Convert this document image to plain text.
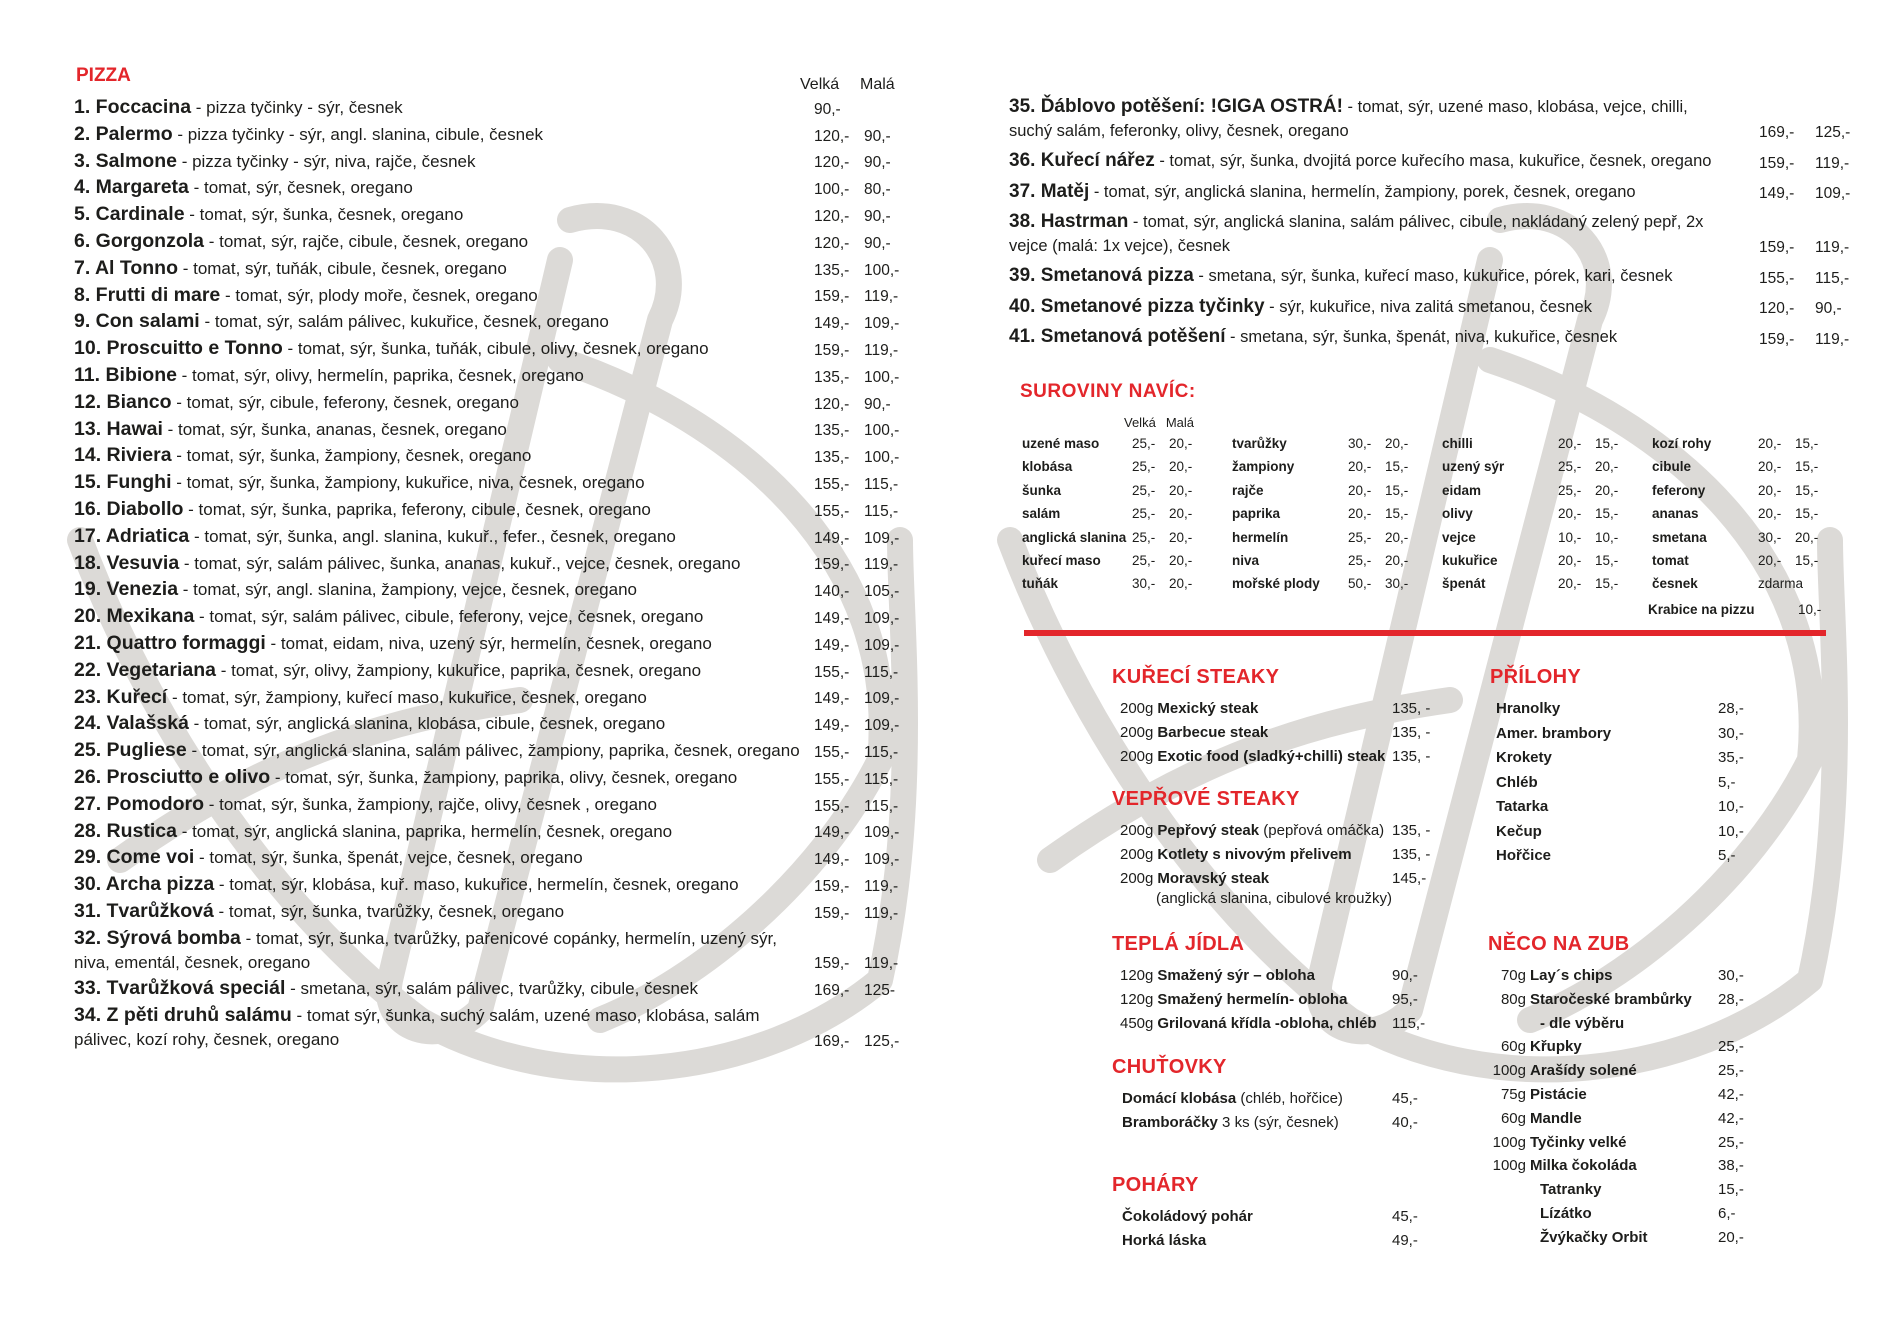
PIZZA	Velká Malá
1. Foccacina - pizza tyčinky - sýr, česnek	90,-
2. Palermo - pizza tyčinky - sýr, angl. slanina, cibule, česnek	120,- 90,-
3. Salmone - pizza tyčinky - sýr, niva, rajče, česnek	120,- 90,-
4. Margareta - tomat, sýr, česnek, oregano	100,- 80,-
5. Cardinale - tomat, sýr, šunka, česnek, oregano	120,- 90,-
6. Gorgonzola - tomat, sýr, rajče, cibule, česnek, oregano	120,- 90,-
7. Al Tonno - tomat, sýr, tuňák, cibule, česnek, oregano	135,- 100,-
8. Frutti di mare - tomat, sýr, plody moře, česnek, oregano	159,- 119,-
9. Con salami - tomat, sýr, salám pálivec, kukuřice, česnek, oregano	149,- 109,-
10. Proscuitto e Tonno - tomat, sýr, šunka, tuňák, cibule, olivy, česnek, oregano	159,- 119,-
11. Bibione - tomat, sýr, olivy, hermelín, paprika, česnek, oregano	135,- 100,-
12. Bianco - tomat, sýr, cibule, feferony, česnek, oregano	120,- 90,-
13. Hawai - tomat, sýr, šunka, ananas, česnek, oregano	135,- 100,-
14. Riviera - tomat, sýr, šunka, žampiony, česnek, oregano	135,- 100,-
15. Funghi - tomat, sýr, šunka, žampiony, kukuřice, niva, česnek, oregano	155,- 115,-
16. Diabollo - tomat, sýr, šunka, paprika, feferony, cibule, česnek, oregano	155,- 115,-
17. Adriatica - tomat, sýr, šunka, angl. slanina, kukuř., fefer., česnek, oregano	149,- 109,-
18. Vesuvia - tomat, sýr, salám pálivec, šunka, ananas, kukuř., vejce, česnek, oregano	159,- 119,-
19. Venezia - tomat, sýr, angl. slanina, žampiony, vejce, česnek, oregano	140,- 105,-
20. Mexikana - tomat, sýr, salám pálivec, cibule, feferony, vejce, česnek, oregano	149,- 109,-
21. Quattro formaggi - tomat, eidam, niva, uzený sýr, hermelín, česnek, oregano	149,- 109,-
22. Vegetariana - tomat, sýr, olivy, žampiony, kukuřice, paprika, česnek, oregano	155,- 115,-
23. Kuřecí - tomat, sýr, žampiony, kuřecí maso, kukuřice, česnek, oregano	149,- 109,-
24. Valašská - tomat, sýr, anglická slanina, klobása, cibule, česnek, oregano	149,- 109,-
25. Pugliese - tomat, sýr, anglická slanina, salám pálivec, žampiony, paprika, česnek, oregano 155,- 115,-
26. Prosciutto e olivo - tomat, sýr, šunka, žampiony, paprika, olivy, česnek, oregano	155,- 115,-
27. Pomodoro - tomat, sýr, šunka, žampiony, rajče, olivy, česnek , oregano	155,- 115,-
28. Rustica - tomat, sýr, anglická slanina, paprika, hermelín, česnek, oregano	149,- 109,-
29. Come voi - tomat, sýr, šunka, špenát, vejce, česnek, oregano	149,- 109,-
30. Archa pizza - tomat, sýr, klobása, kuř. maso, kukuřice, hermelín, česnek, oregano	159,- 119,-
31. Tvarůžková - tomat, sýr, šunka, tvarůžky, česnek, oregano	159,- 119,-
32. Sýrová bomba - tomat, sýr, šunka, tvarůžky, pařenicové copánky, hermelín, uzený sýr, niva, ementál, česnek, oregano	159,- 119,-
33. Tvarůžková speciál - smetana, sýr, salám pálivec, tvarůžky, cibule, česnek	169,- 125-
34. Z pěti druhů salámu - tomat sýr, šunka, suchý salám, uzené maso, klobása, salám pálivec, kozí rohy, česnek, oregano	169,- 125,-
35. Ďáblovo potěšení: !GIGA OSTRÁ! - tomat, sýr, uzené maso, klobása, vejce, chilli, suchý salám, feferonky, olivy, česnek, oregano	169,- 125,-
36. Kuřecí nářez - tomat, sýr, šunka, dvojitá porce kuřecího masa, kukuřice, česnek, oregano	159,- 119,-
37. Matěj - tomat, sýr, anglická slanina, hermelín, žampiony, porek, česnek, oregano	149,- 109,-
38. Hastrman - tomat, sýr, anglická slanina, salám pálivec, cibule, nakládaný zelený pepř, 2x vejce (malá: 1x vejce), česnek	159,- 119,-
39. Smetanová pizza - smetana, sýr, šunka, kuřecí maso, kukuřice, pórek, kari, česnek	155,- 115,-
40. Smetanové pizza tyčinky - sýr, kukuřice, niva zalitá smetanou, česnek	120,- 90,-
41. Smetanová potěšení - smetana, sýr, šunka, špenát, niva, kukuřice, česnek	159,- 119,-
SUROVINY NAVÍC:
Velká Malá
uzené maso 25,- 20,-
klobása	25,- 20,-
šunka	25,- 20,-
salám	25,- 20,-
anglická slanina 25,- 20,-
kuřecí maso 25,- 20,-
tuňák	30,- 20,-
tvarůžky	30,- 20,-
žampiony	20,- 15,-
rajče	20,- 15,-
paprika	20,- 15,-
hermelín	25,- 20,-
niva	25,- 20,-
mořské plody 50,- 30,-
chilli	20,- 15,-
uzený sýr	25,- 20,-
eidam	25,- 20,-
olivy	20,- 15,-
vejce	10,- 10,-
kukuřice	20,- 15,-
špenát	20,- 15,-
kozí rohy	20,- 15,-
cibule	20,- 15,-
feferony	20,- 15,-
ananas	20,- 15,-
smetana	30,- 20,-
tomat	20,- 15,-
česnek	zdarma
Krabice na pizzu	10,-
KUŘECÍ STEAKY
200g Mexický steak	135, -
200g Barbecue steak	135, -
200g Exotic food (sladký+chilli) steak 135, -
VEPŘOVÉ STEAKY
200g Pepřový steak (pepřová omáčka) 135, -
200g Kotlety s nivovým přelivem	135, -
200g Moravský steak	145,-
(anglická slanina, cibulové kroužky)
TEPLÁ JÍDLA
120g Smažený sýr – obloha	90,-
120g Smažený hermelín- obloha	95,-
450g Grilovaná křídla -obloha, chléb 115,-
CHUŤOVKY
Domácí klobása (chléb, hořčice)	45,-
Bramboráčky 3 ks (sýr, česnek)	40,-
POHÁRY
Čokoládový pohár	45,-
Horká láska	49,-
PŘÍLOHY
Hranolky	28,-
Amer. brambory	30,-
Krokety	35,-
Chléb	5,-
Tatarka	10,-
Kečup	10,-
Hořčice	5,-
NĚCO NA ZUB
70g Lay´s chips	30,-
80g Staročeské brambůrky 28,-
- dle výběru
60g Křupky	25,-
100g Arašídy solené	25,-
75g Pistácie	42,-
60g Mandle	42,-
100g Tyčinky velké	25,-
100g Milka čokoláda	38,-
Tatranky	15,-
Lízátko	6,-
Žvýkačky Orbit	20,-
